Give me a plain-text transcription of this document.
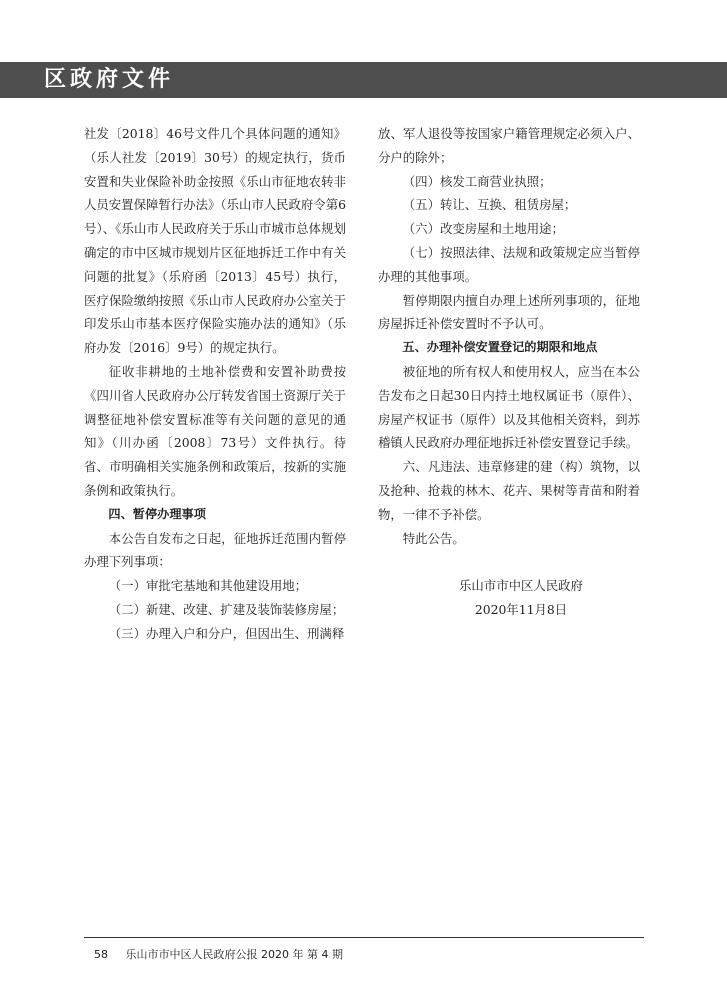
区政府文件

社发〔2018〕46号文件几个具体问题的通知》（乐人社发〔2019〕30号）的规定执行，货币安置和失业保险补助金按照《乐山市征地农转非人员安置保障暂行办法》（乐山市人民政府令第6号）、《乐山市人民政府关于乐山市城市总体规划确定的市中区城市规划片区征地拆迁工作中有关问题的批复》（乐府函〔2013〕45号）执行，医疗保险缴纳按照《乐山市人民政府办公室关于印发乐山市基本医疗保险实施办法的通知》（乐府办发〔2016〕9号）的规定执行。

征收非耕地的土地补偿费和安置补助费按《四川省人民政府办公厅转发省国土资源厅关于调整征地补偿安置标准等有关问题的意见的通知》（川办函〔2008〕73号）文件执行。待省、市明确相关实施条例和政策后，按新的实施条例和政策执行。

四、暂停办理事项

本公告自发布之日起，征地拆迁范围内暂停办理下列事项：

（一）审批宅基地和其他建设用地；

（二）新建、改建、扩建及装饰装修房屋；

（三）办理入户和分户，但因出生、刑满释

放、军人退役等按国家户籍管理规定必须入户、分户的除外；

（四）核发工商营业执照；

（五）转让、互换、租赁房屋；

（六）改变房屋和土地用途；

（七）按照法律、法规和政策规定应当暂停办理的其他事项。

暂停期限内擅自办理上述所列事项的，征地房屋拆迁补偿安置时不予认可。

五、办理补偿安置登记的期限和地点

被征地的所有权人和使用权人，应当在本公告发布之日起30日内持土地权属证书（原件）、房屋产权证书（原件）以及其他相关资料，到苏稽镇人民政府办理征地拆迁补偿安置登记手续。

六、凡违法、违章修建的建（构）筑物，以及抢种、抢栽的林木、花卉、果树等青苗和附着物，一律不予补偿。

特此公告。

乐山市市中区人民政府

2020年11月8日

58 乐山市市中区人民政府公报 2020 年 第 4 期
